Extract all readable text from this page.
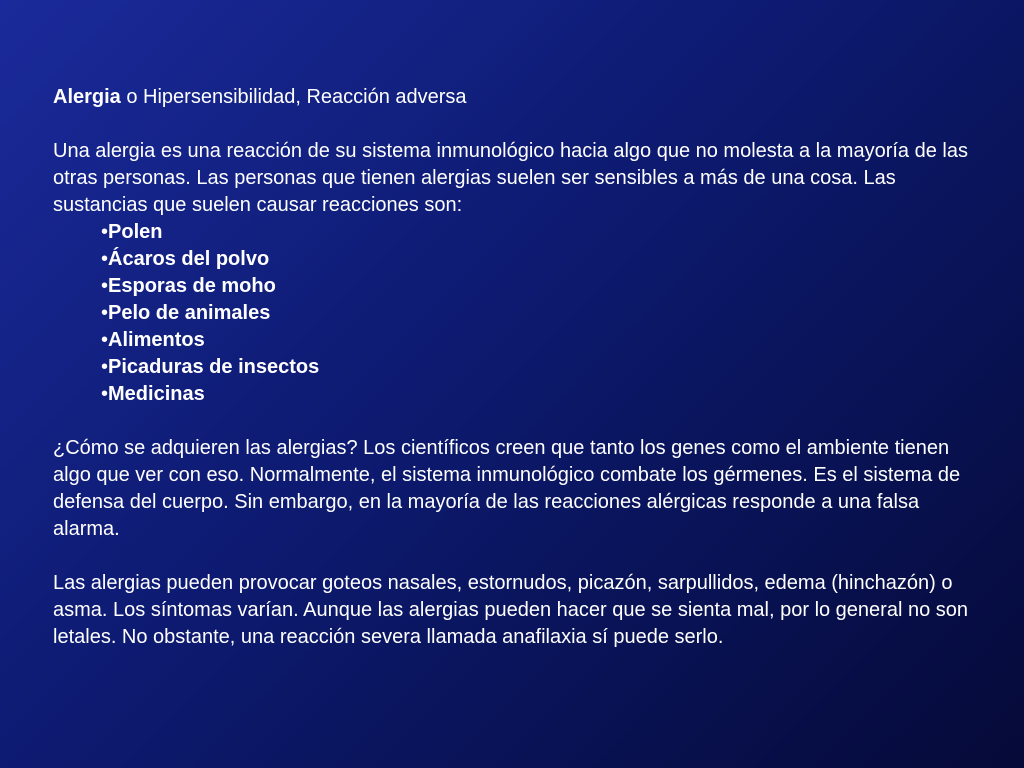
Alergia o Hipersensibilidad, Reacción adversa

Una alergia es una reacción de su sistema inmunológico hacia algo que no molesta a la mayoría de las otras personas. Las personas que tienen alergias suelen ser sensibles a más de una cosa. Las sustancias que suelen causar reacciones son:

•Polen
•Ácaros del polvo
•Esporas de moho
•Pelo de animales
•Alimentos
•Picaduras de insectos
•Medicinas

¿Cómo se adquieren las alergias? Los científicos creen que tanto los genes como el ambiente tienen algo que ver con eso. Normalmente, el sistema inmunológico combate los gérmenes. Es el sistema de defensa del cuerpo. Sin embargo, en la mayoría de las reacciones alérgicas responde a una falsa alarma.

Las alergias pueden provocar goteos nasales, estornudos, picazón, sarpullidos, edema (hinchazón) o asma. Los síntomas varían. Aunque las alergias pueden hacer que se sienta mal, por lo general no son letales. No obstante, una reacción severa llamada anafilaxia sí puede serlo.
